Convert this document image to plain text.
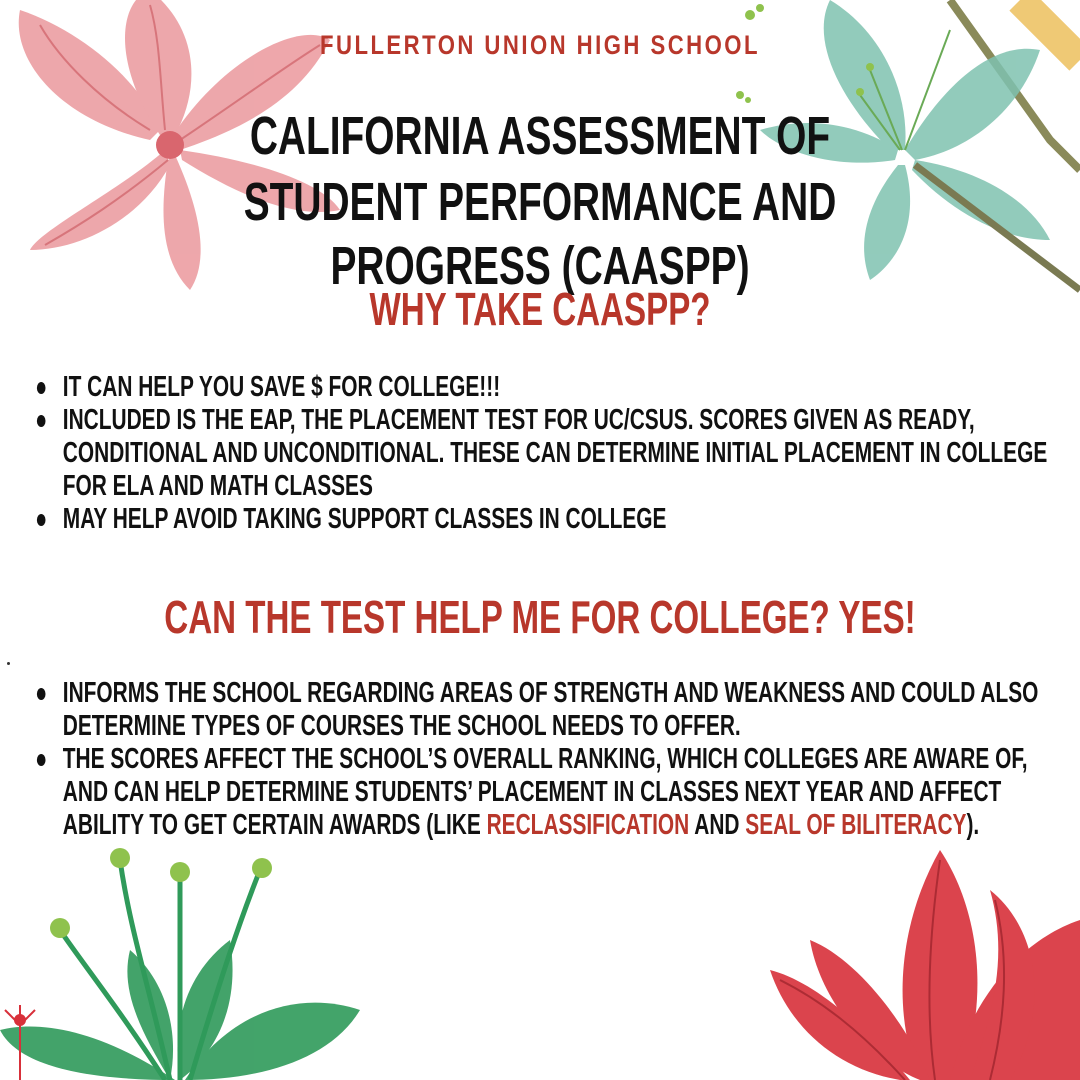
FULLERTON UNION HIGH SCHOOL
CALIFORNIA ASSESSMENT OF
STUDENT PERFORMANCE AND PROGRESS (CAASPP)
WHY TAKE CAASPP?
IT CAN HELP YOU SAVE $ FOR COLLEGE!!!
INCLUDED IS THE EAP, THE PLACEMENT TEST FOR UC/CSUS. SCORES GIVEN AS READY, CONDITIONAL AND UNCONDITIONAL. THESE CAN DETERMINE INITIAL PLACEMENT IN COLLEGE FOR ELA AND MATH CLASSES
MAY HELP AVOID TAKING SUPPORT CLASSES IN COLLEGE
CAN THE TEST HELP ME FOR COLLEGE? YES!
INFORMS THE SCHOOL REGARDING AREAS OF STRENGTH AND WEAKNESS AND COULD ALSO DETERMINE TYPES OF COURSES THE SCHOOL NEEDS TO OFFER.
THE SCORES AFFECT THE SCHOOL’S OVERALL RANKING, WHICH COLLEGES ARE AWARE OF, AND CAN HELP DETERMINE STUDENTS’ PLACEMENT IN CLASSES NEXT YEAR AND AFFECT ABILITY TO GET CERTAIN AWARDS (LIKE RECLASSIFICATION AND SEAL OF BILITERACY).
